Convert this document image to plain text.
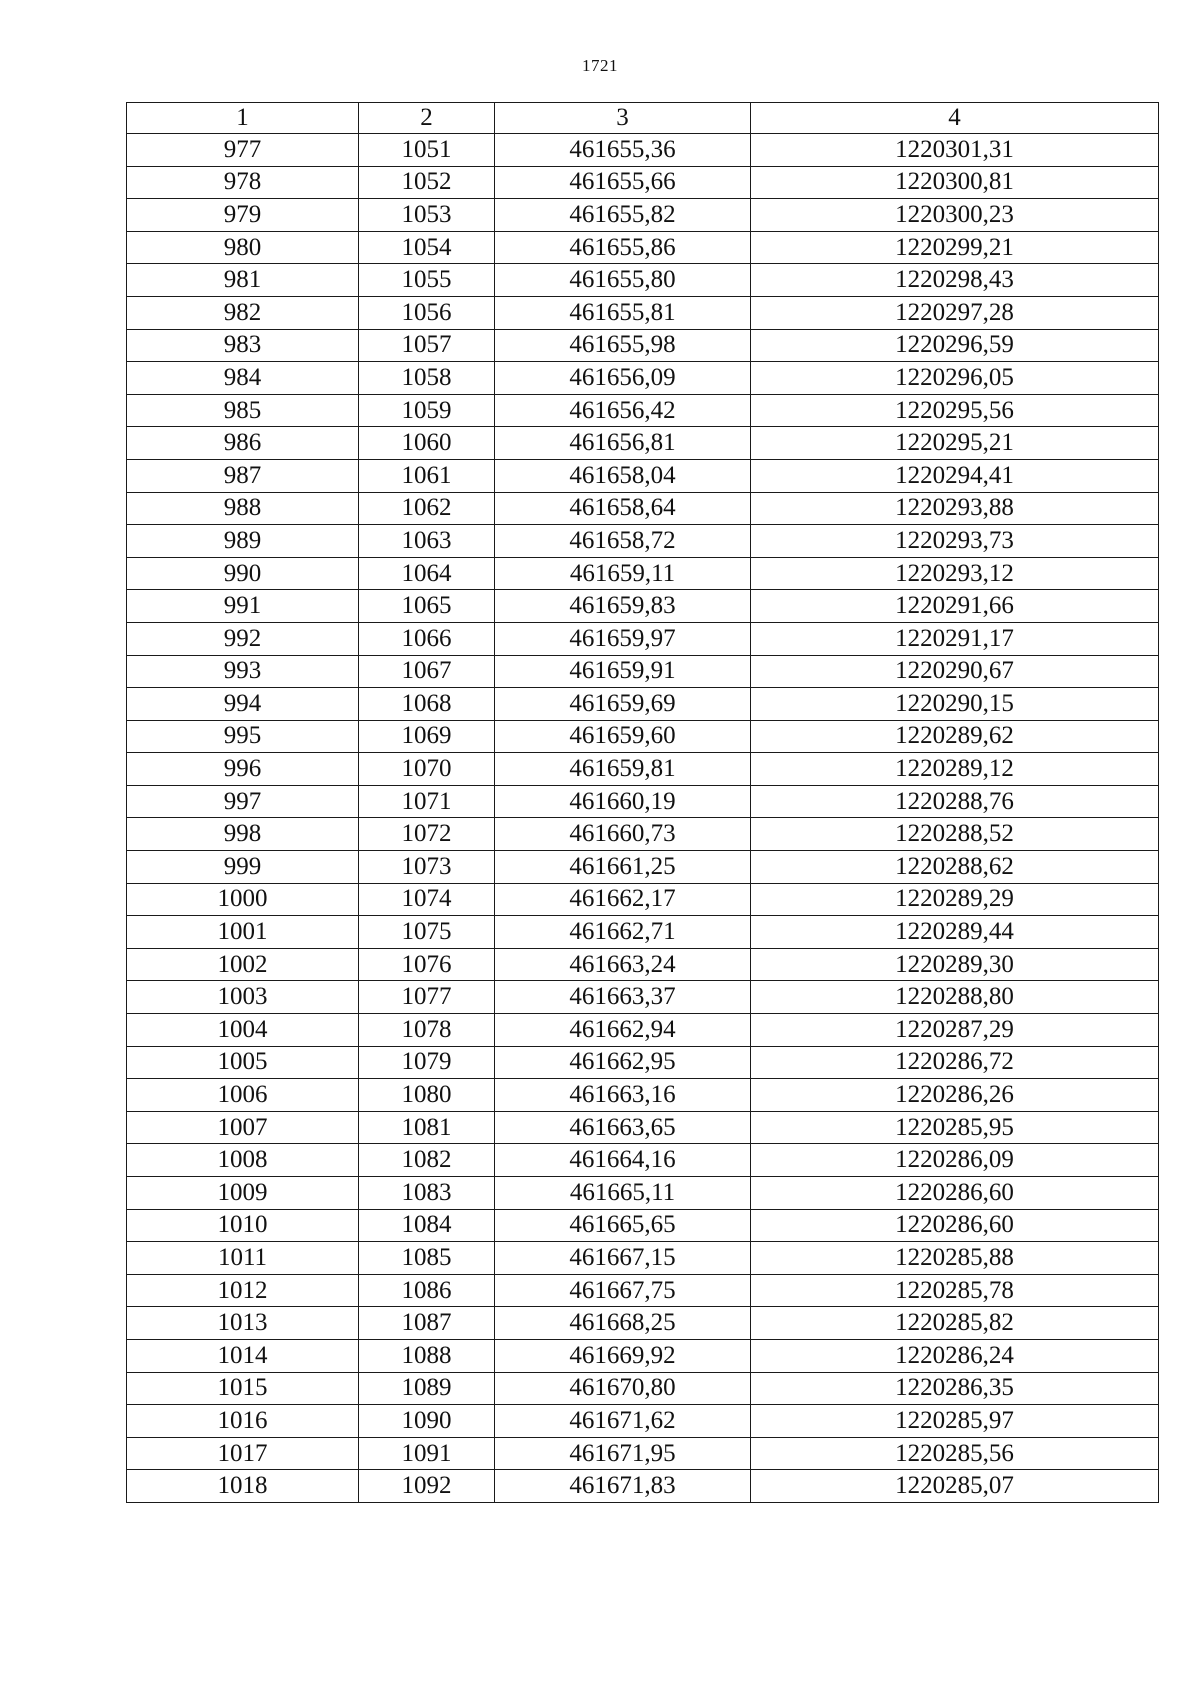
1721
1	2	3	4
977	1051	461655,36	1220301,31
978	1052	461655,66	1220300,81
979	1053	461655,82	1220300,23
980	1054	461655,86	1220299,21
981	1055	461655,80	1220298,43
982	1056	461655,81	1220297,28
983	1057	461655,98	1220296,59
984	1058	461656,09	1220296,05
985	1059	461656,42	1220295,56
986	1060	461656,81	1220295,21
987	1061	461658,04	1220294,41
988	1062	461658,64	1220293,88
989	1063	461658,72	1220293,73
990	1064	461659,11	1220293,12
991	1065	461659,83	1220291,66
992	1066	461659,97	1220291,17
993	1067	461659,91	1220290,67
994	1068	461659,69	1220290,15
995	1069	461659,60	1220289,62
996	1070	461659,81	1220289,12
997	1071	461660,19	1220288,76
998	1072	461660,73	1220288,52
999	1073	461661,25	1220288,62
1000	1074	461662,17	1220289,29
1001	1075	461662,71	1220289,44
1002	1076	461663,24	1220289,30
1003	1077	461663,37	1220288,80
1004	1078	461662,94	1220287,29
1005	1079	461662,95	1220286,72
1006	1080	461663,16	1220286,26
1007	1081	461663,65	1220285,95
1008	1082	461664,16	1220286,09
1009	1083	461665,11	1220286,60
1010	1084	461665,65	1220286,60
1011	1085	461667,15	1220285,88
1012	1086	461667,75	1220285,78
1013	1087	461668,25	1220285,82
1014	1088	461669,92	1220286,24
1015	1089	461670,80	1220286,35
1016	1090	461671,62	1220285,97
1017	1091	461671,95	1220285,56
1018	1092	461671,83	1220285,07
